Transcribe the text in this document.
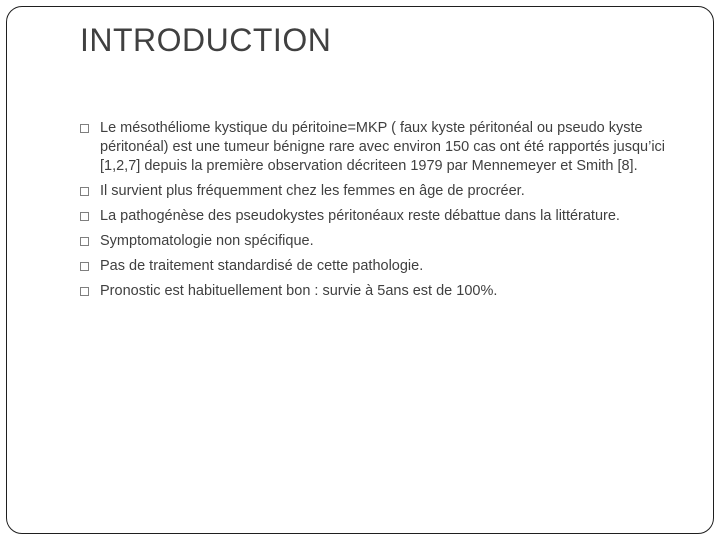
INTRODUCTION
Le mésothéliome kystique du péritoine=MKP ( faux kyste péritonéal ou pseudo kyste péritonéal) est une tumeur bénigne rare avec environ 150 cas ont été rapportés jusqu’ici [1,2,7] depuis la première observation décriteen 1979 par Mennemeyer et Smith [8].
Il survient plus fréquemment chez les femmes en âge de procréer.
La pathogénèse des pseudokystes péritonéaux reste débattue dans la littérature.
Symptomatologie non spécifique.
Pas de traitement standardisé de cette pathologie.
Pronostic est habituellement bon : survie à 5ans est de 100%.
